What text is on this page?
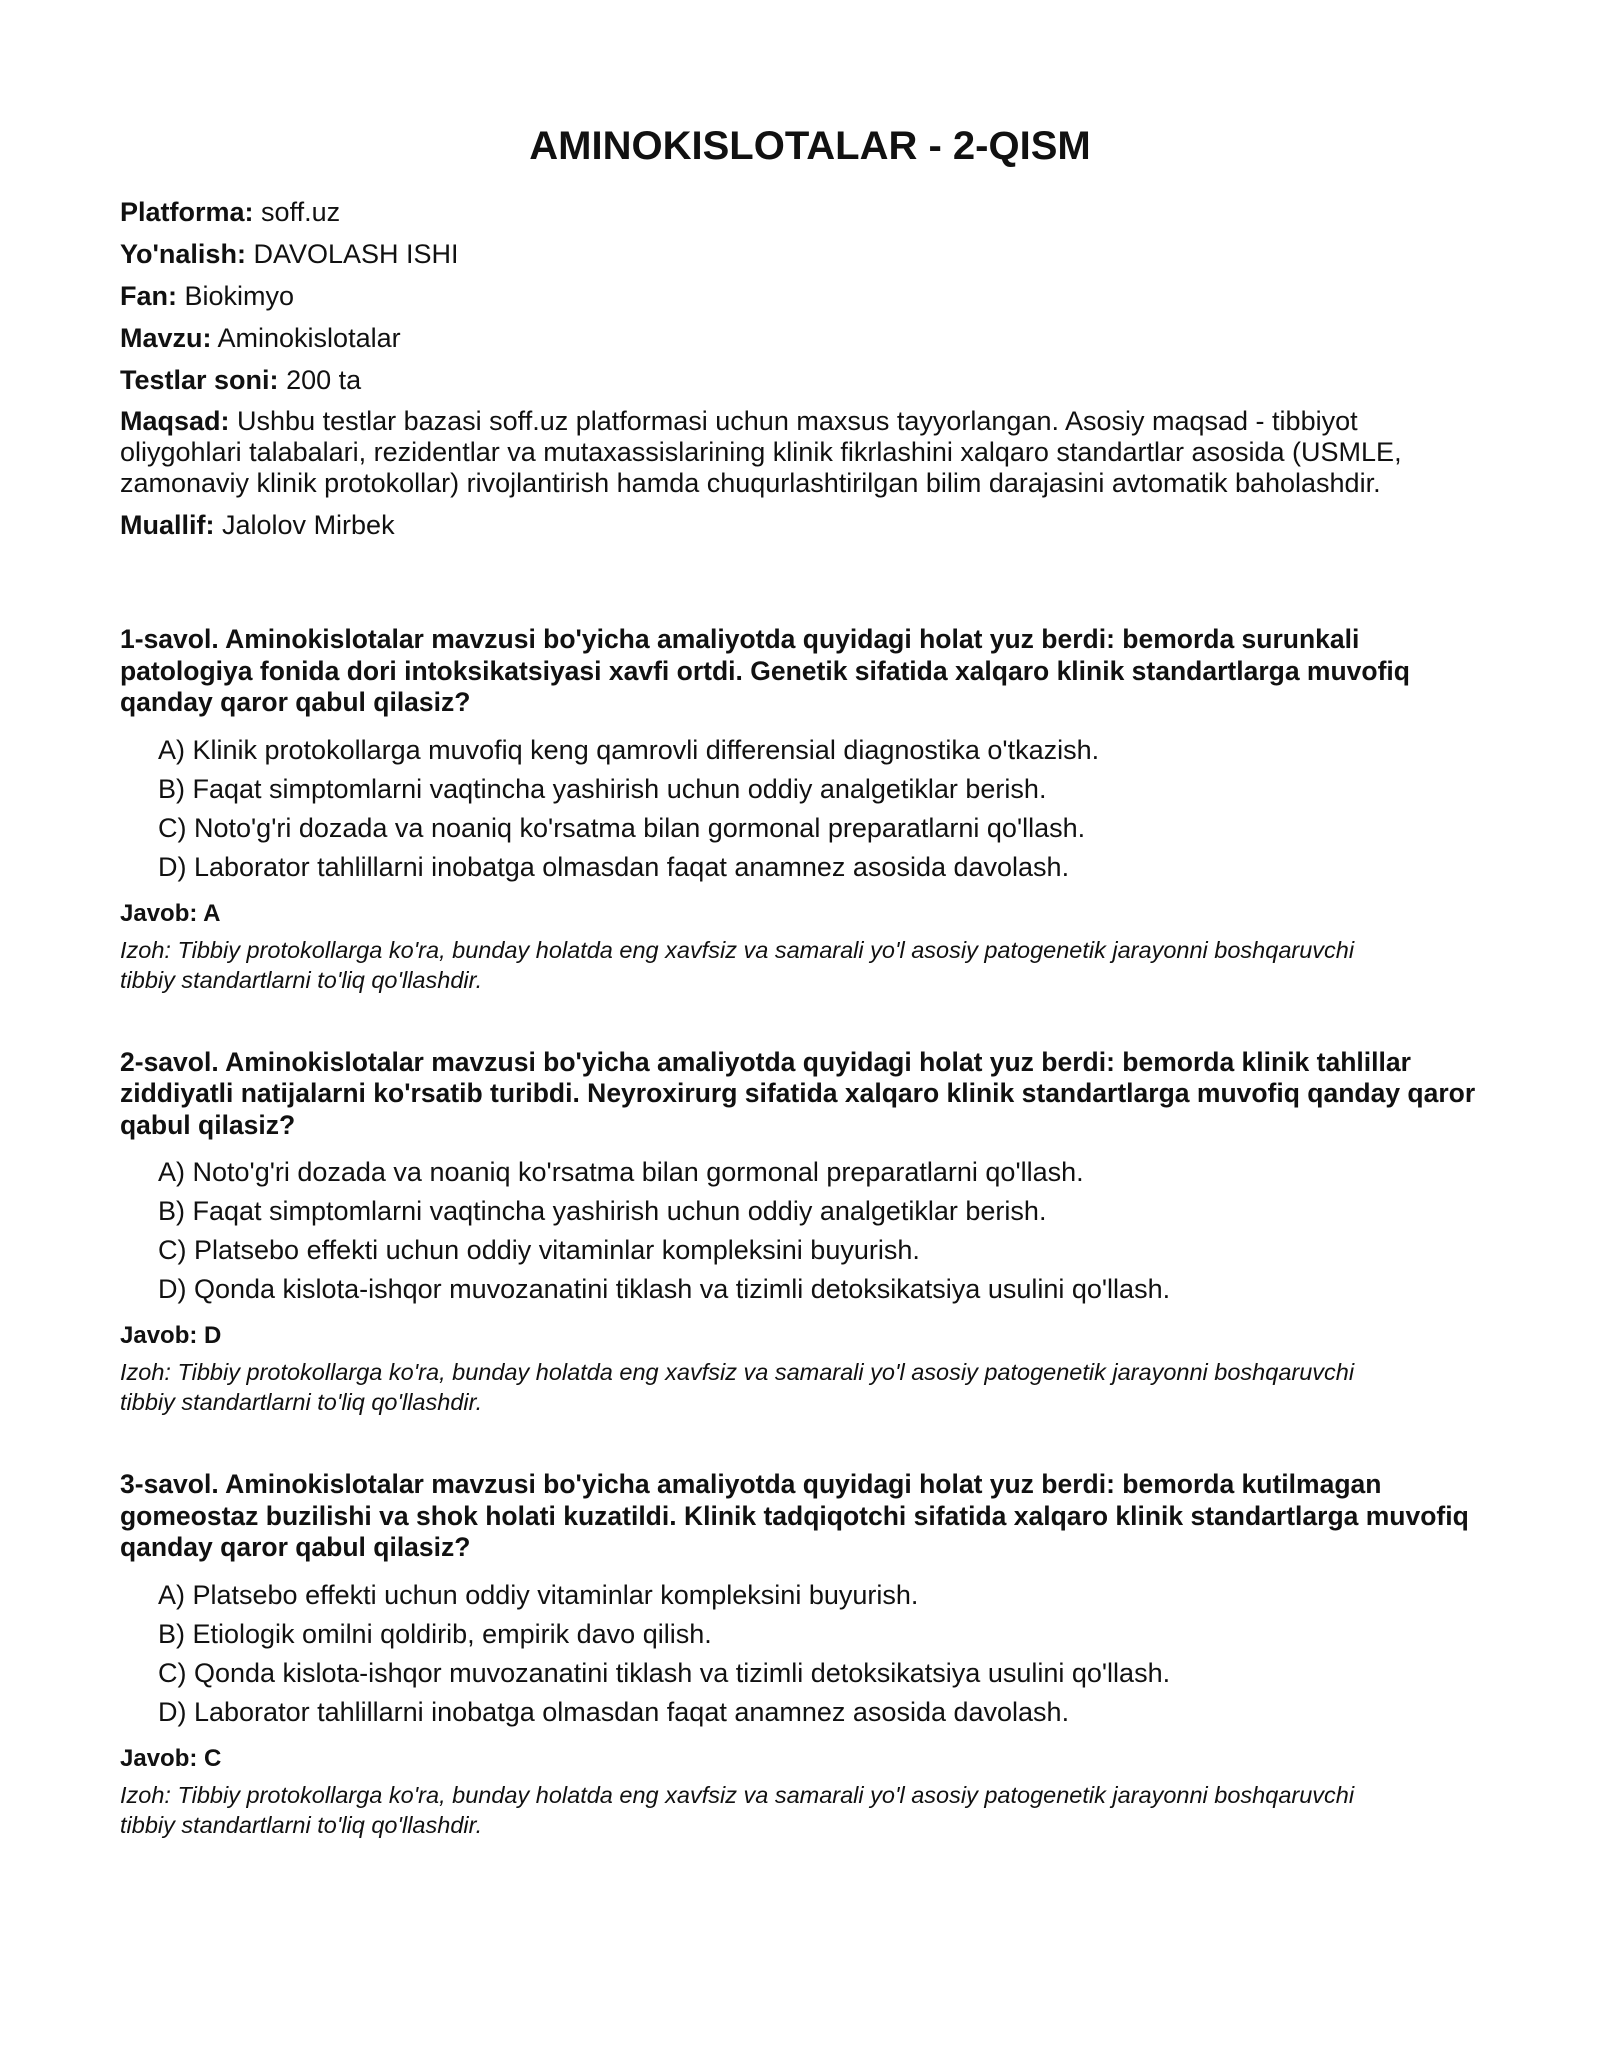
AMINOKISLOTALAR - 2-QISM
Platforma: soff.uz
Yo'nalish: DAVOLASH ISHI
Fan: Biokimyo
Mavzu: Aminokislotalar
Testlar soni: 200 ta
Maqsad: Ushbu testlar bazasi soff.uz platformasi uchun maxsus tayyorlangan. Asosiy maqsad - tibbiyot oliygohlari talabalari, rezidentlar va mutaxassislarining klinik fikrlashini xalqaro standartlar asosida (USMLE, zamonaviy klinik protokollar) rivojlantirish hamda chuqurlashtirilgan bilim darajasini avtomatik baholashdir.
Muallif: Jalolov Mirbek
1-savol. Aminokislotalar mavzusi bo'yicha amaliyotda quyidagi holat yuz berdi: bemorda surunkali patologiya fonida dori intoksikatsiyasi xavfi ortdi. Genetik sifatida xalqaro klinik standartlarga muvofiq qanday qaror qabul qilasiz?
A) Klinik protokollarga muvofiq keng qamrovli differensial diagnostika o'tkazish.
B) Faqat simptomlarni vaqtincha yashirish uchun oddiy analgetiklar berish.
C) Noto'g'ri dozada va noaniq ko'rsatma bilan gormonal preparatlarni qo'llash.
D) Laborator tahlillarni inobatga olmasdan faqat anamnez asosida davolash.
Javob: A
Izoh: Tibbiy protokollarga ko'ra, bunday holatda eng xavfsiz va samarali yo'l asosiy patogenetik jarayonni boshqaruvchi tibbiy standartlarni to'liq qo'llashdir.
2-savol. Aminokislotalar mavzusi bo'yicha amaliyotda quyidagi holat yuz berdi: bemorda klinik tahlillar ziddiyatli natijalarni ko'rsatib turibdi. Neyroxirurg sifatida xalqaro klinik standartlarga muvofiq qanday qaror qabul qilasiz?
A) Noto'g'ri dozada va noaniq ko'rsatma bilan gormonal preparatlarni qo'llash.
B) Faqat simptomlarni vaqtincha yashirish uchun oddiy analgetiklar berish.
C) Platsebo effekti uchun oddiy vitaminlar kompleksini buyurish.
D) Qonda kislota-ishqor muvozanatini tiklash va tizimli detoksikatsiya usulini qo'llash.
Javob: D
Izoh: Tibbiy protokollarga ko'ra, bunday holatda eng xavfsiz va samarali yo'l asosiy patogenetik jarayonni boshqaruvchi tibbiy standartlarni to'liq qo'llashdir.
3-savol. Aminokislotalar mavzusi bo'yicha amaliyotda quyidagi holat yuz berdi: bemorda kutilmagan gomeostaz buzilishi va shok holati kuzatildi. Klinik tadqiqotchi sifatida xalqaro klinik standartlarga muvofiq qanday qaror qabul qilasiz?
A) Platsebo effekti uchun oddiy vitaminlar kompleksini buyurish.
B) Etiologik omilni qoldirib, empirik davo qilish.
C) Qonda kislota-ishqor muvozanatini tiklash va tizimli detoksikatsiya usulini qo'llash.
D) Laborator tahlillarni inobatga olmasdan faqat anamnez asosida davolash.
Javob: C
Izoh: Tibbiy protokollarga ko'ra, bunday holatda eng xavfsiz va samarali yo'l asosiy patogenetik jarayonni boshqaruvchi tibbiy standartlarni to'liq qo'llashdir.
